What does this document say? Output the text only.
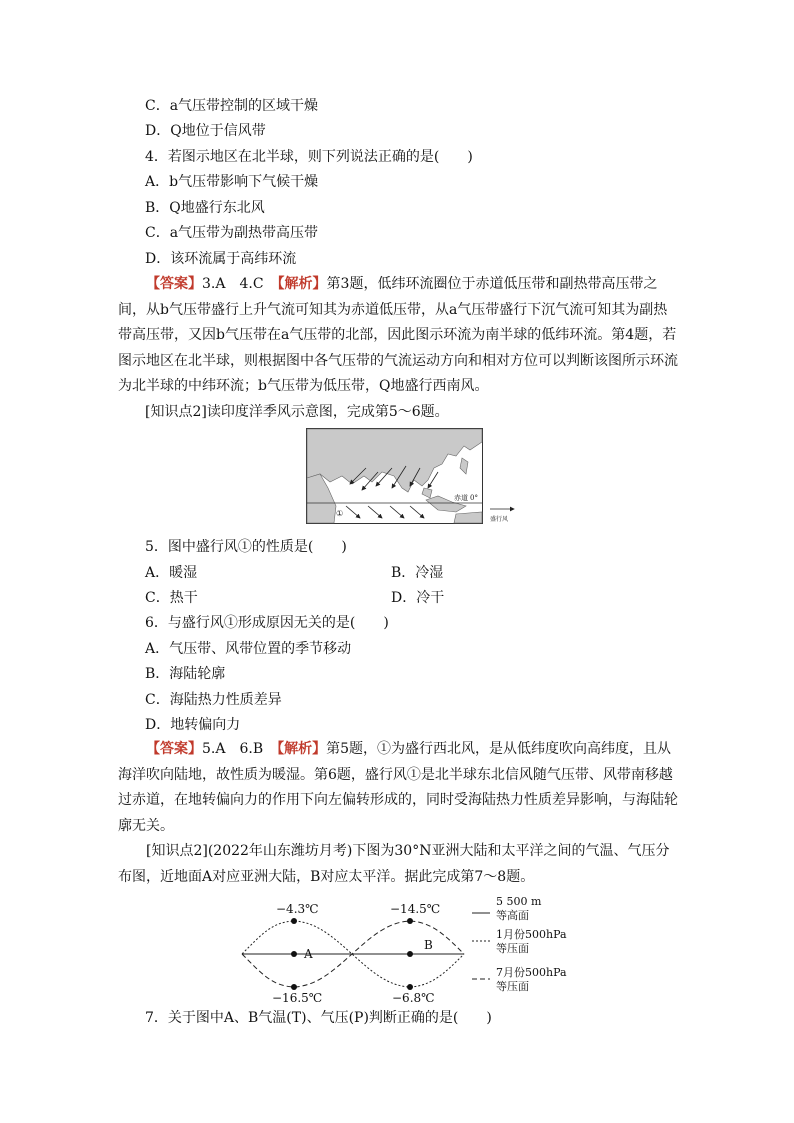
C．a气压带控制的区域干燥
D．Q地位于信风带
4．若图示地区在北半球，则下列说法正确的是(　　)
A．b气压带影响下气候干燥
B．Q地盛行东北风
C．a气压带为副热带高压带
D．该环流属于高纬环流
【答案】3.A　4.C　【解析】第3题，低纬环流圈位于赤道低压带和副热带高压带之间，从b气压带盛行上升气流可知其为赤道低压带，从a气压带盛行下沉气流可知其为副热带高压带，又因b气压带在a气压带的北部，因此图示环流为南半球的低纬环流。第4题，若图示地区在北半球，则根据图中各气压带的气流运动方向和相对方位可以判断该图所示环流为北半球的中纬环流；b气压带为低压带，Q地盛行西南风。
[知识点2]读印度洋季风示意图，完成第5～6题。
赤道 0°
①
盛行风
5．图中盛行风①的性质是(　　)
A．暖湿	B．冷湿
C．热干	D．冷干
6．与盛行风①形成原因无关的是(　　)
A．气压带、风带位置的季节移动
B．海陆轮廓
C．海陆热力性质差异
D．地转偏向力
【答案】5.A　6.B　【解析】第5题，①为盛行西北风，是从低纬度吹向高纬度，且从海洋吹向陆地，故性质为暖湿。第6题，盛行风①是北半球东北信风随气压带、风带南移越过赤道，在地转偏向力的作用下向左偏转形成的，同时受海陆热力性质差异影响，与海陆轮廓无关。
[知识点2](2022年山东潍坊月考)下图为30°N亚洲大陆和太平洋之间的气温、气压分布图，近地面A对应亚洲大陆，B对应太平洋。据此完成第7～8题。
−4.3℃	−14.5℃
−16.5℃	−6.8℃
A
B
5 500 m
等高面
1月份500hPa
等压面
7月份500hPa
等压面
7．关于图中A、B气温(T)、气压(P)判断正确的是(　　)
